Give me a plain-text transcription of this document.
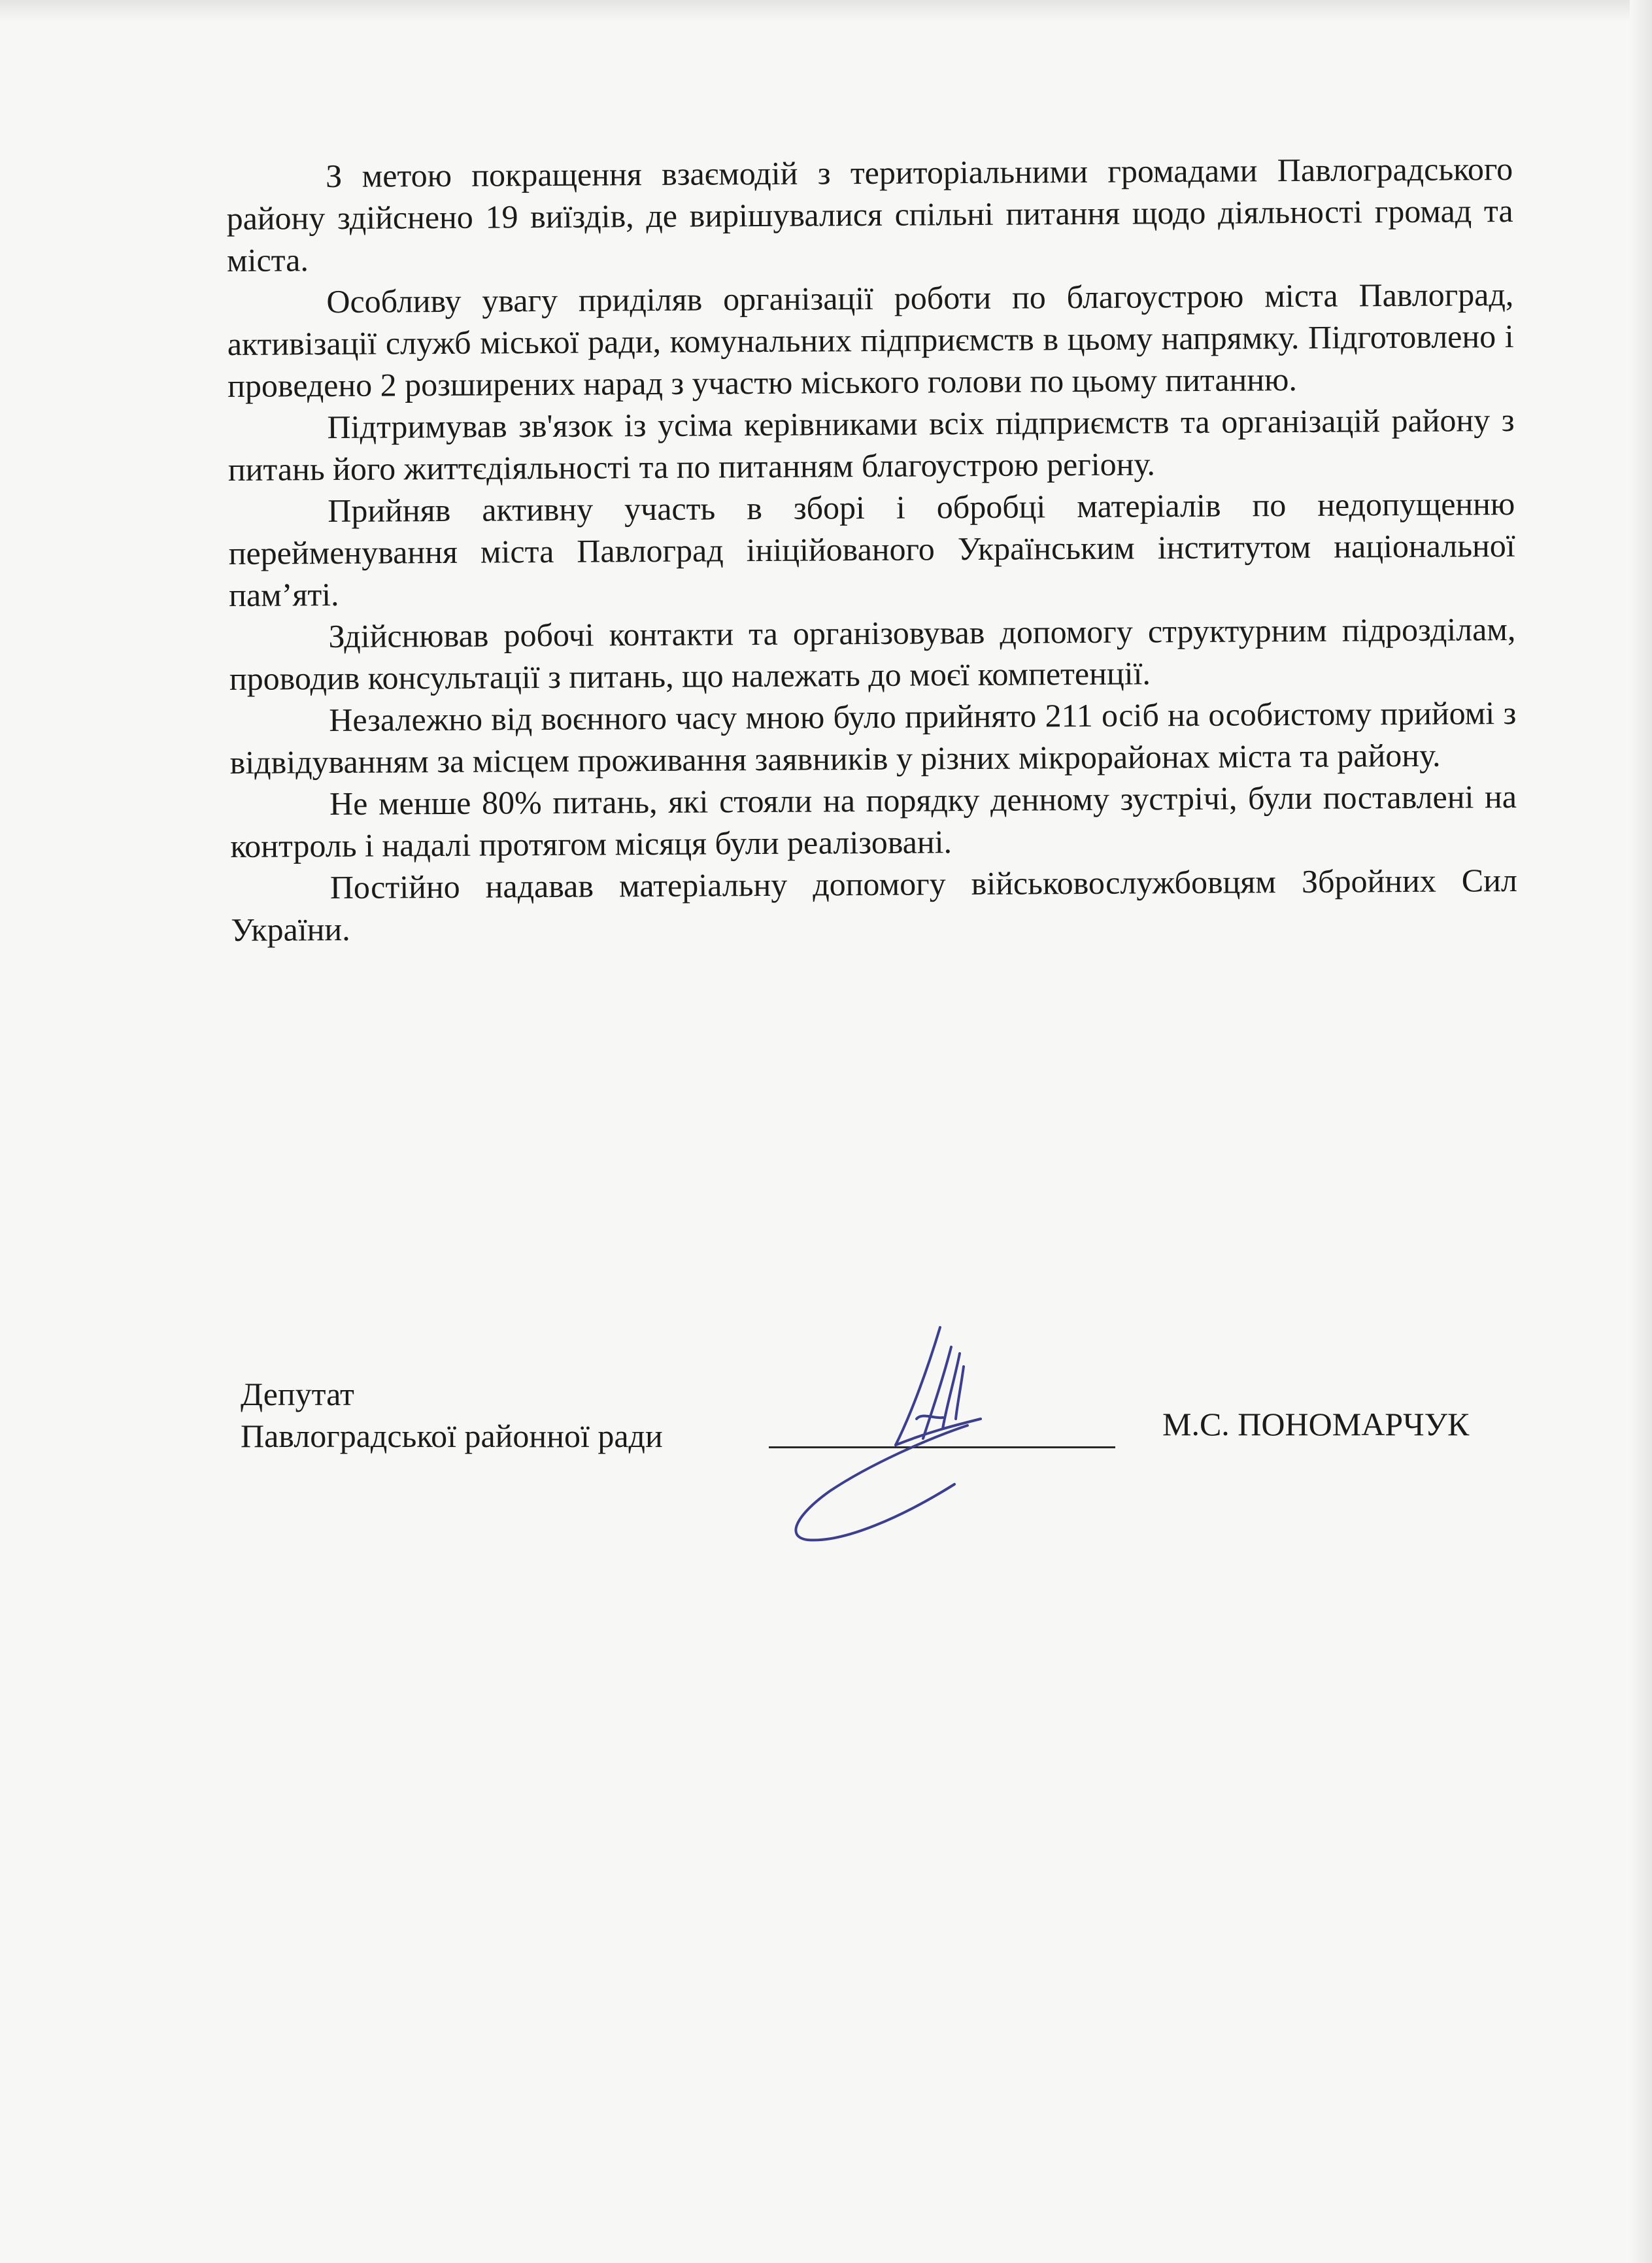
З метою покращення взаємодій з територіальними громадами Павлоградського району здійснено 19 виїздів, де вирішувалися спільні питання щодо діяльності громад та міста.

Особливу увагу приділяв організації роботи по благоустрою міста Павлоград, активізації служб міської ради, комунальних підприємств в цьому напрямку. Підготовлено і проведено 2 розширених нарад з участю міського голови по цьому питанню.

Підтримував зв'язок із усіма керівниками всіх підприємств та організацій району з питань його життєдіяльності та по питанням благоустрою регіону.

Прийняв активну участь в зборі і обробці матеріалів по недопущенню перейменування міста Павлоград ініційованого Українським інститутом національної пам’яті.

Здійснював робочі контакти та організовував допомогу структурним підрозділам, проводив консультації з питань, що належать до моєї компетенції.

Незалежно від воєнного часу мною було прийнято 211 осіб на особистому прийомі з відвідуванням за місцем проживання заявників у різних мікрорайонах міста та району.

Не менше 80% питань, які стояли на порядку денному зустрічі, були поставлені на контроль і надалі протягом місяця були реалізовані.

Постійно надавав матеріальну допомогу військовослужбовцям Збройних Сил України.

Депутат
Павлоградської районної ради	М.С. ПОНОМАРЧУК
